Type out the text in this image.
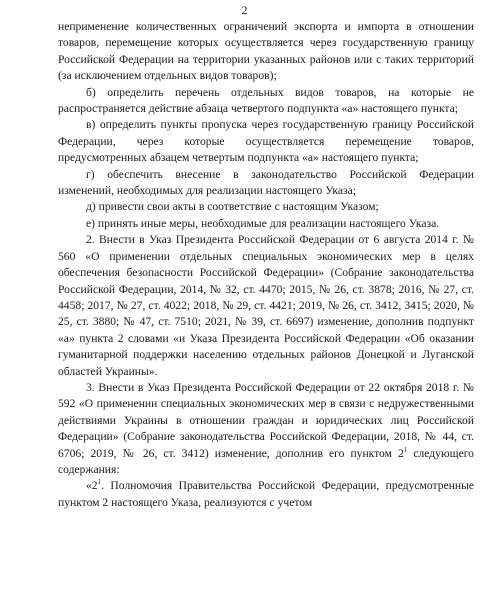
2

неприменение количественных ограничений экспорта и импорта в отношении товаров, перемещение которых осуществляется через государственную границу Российской Федерации на территории указанных районов или с таких территорий (за исключением отдельных видов товаров);

б) определить перечень отдельных видов товаров, на которые не распространяется действие абзаца четвертого подпункта «а» настоящего пункта;

в) определить пункты пропуска через государственную границу Российской Федерации, через которые осуществляется перемещение товаров, предусмотренных абзацем четвертым подпункта «а» настоящего пункта;

г) обеспечить внесение в законодательство Российской Федерации изменений, необходимых для реализации настоящего Указа;

д) привести свои акты в соответствие с настоящим Указом;

е) принять иные меры, необходимые для реализации настоящего Указа.

2. Внести в Указ Президента Российской Федерации от 6 августа 2014 г. № 560 «О применении отдельных специальных экономических мер в целях обеспечения безопасности Российской Федерации» (Собрание законодательства Российской Федерации, 2014, № 32, ст. 4470; 2015, № 26, ст. 3878; 2016, № 27, ст. 4458; 2017, № 27, ст. 4022; 2018, № 29, ст. 4421; 2019, № 26, ст. 3412, 3415; 2020, № 25, ст. 3880; № 47, ст. 7510; 2021, № 39, ст. 6697) изменение, дополнив подпункт «а» пункта 2 словами «и Указа Президента Российской Федерации «Об оказании гуманитарной поддержки населению отдельных районов Донецкой и Луганской областей Украины».

3. Внести в Указ Президента Российской Федерации от 22 октября 2018 г. № 592 «О применении специальных экономических мер в связи с недружественными действиями Украины в отношении граждан и юридических лиц Российской Федерации» (Собрание законодательства Российской Федерации, 2018, № 44, ст. 6706; 2019, № 26, ст. 3412) изменение, дополнив его пунктом $2^1$ следующего содержания:

«$2^1$. Полномочия Правительства Российской Федерации, предусмотренные пунктом 2 настоящего Указа, реализуются с учетом
